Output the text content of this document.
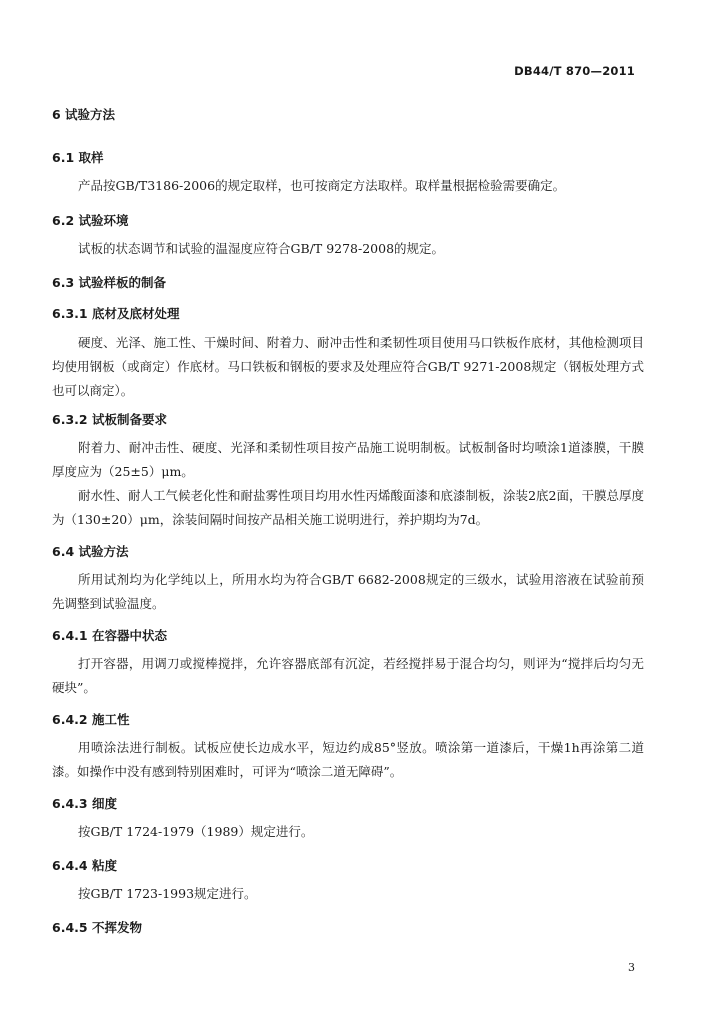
DB44/T 870—2011
6 试验方法
6.1 取样
产品按GB/T3186-2006的规定取样，也可按商定方法取样。取样量根据检验需要确定。
6.2 试验环境
试板的状态调节和试验的温湿度应符合GB/T 9278-2008的规定。
6.3 试验样板的制备
6.3.1 底材及底材处理
硬度、光泽、施工性、干燥时间、附着力、耐冲击性和柔韧性项目使用马口铁板作底材，其他检测项目均使用钢板（或商定）作底材。马口铁板和钢板的要求及处理应符合GB/T 9271-2008规定（钢板处理方式也可以商定）。
6.3.2 试板制备要求
附着力、耐冲击性、硬度、光泽和柔韧性项目按产品施工说明制板。试板制备时均喷涂1道漆膜，干膜厚度应为（25±5）μm。
耐水性、耐人工气候老化性和耐盐雾性项目均用水性丙烯酸面漆和底漆制板，涂装2底2面，干膜总厚度为（130±20）μm，涂装间隔时间按产品相关施工说明进行，养护期均为7d。
6.4 试验方法
所用试剂均为化学纯以上，所用水均为符合GB/T 6682-2008规定的三级水，试验用溶液在试验前预先调整到试验温度。
6.4.1 在容器中状态
打开容器，用调刀或搅棒搅拌，允许容器底部有沉淀，若经搅拌易于混合均匀，则评为“搅拌后均匀无硬块”。
6.4.2 施工性
用喷涂法进行制板。试板应使长边成水平，短边约成85°竖放。喷涂第一道漆后，干燥1h再涂第二道漆。如操作中没有感到特别困难时，可评为“喷涂二道无障碍”。
6.4.3 细度
按GB/T 1724-1979（1989）规定进行。
6.4.4 粘度
按GB/T 1723-1993规定进行。
6.4.5 不挥发物
3
